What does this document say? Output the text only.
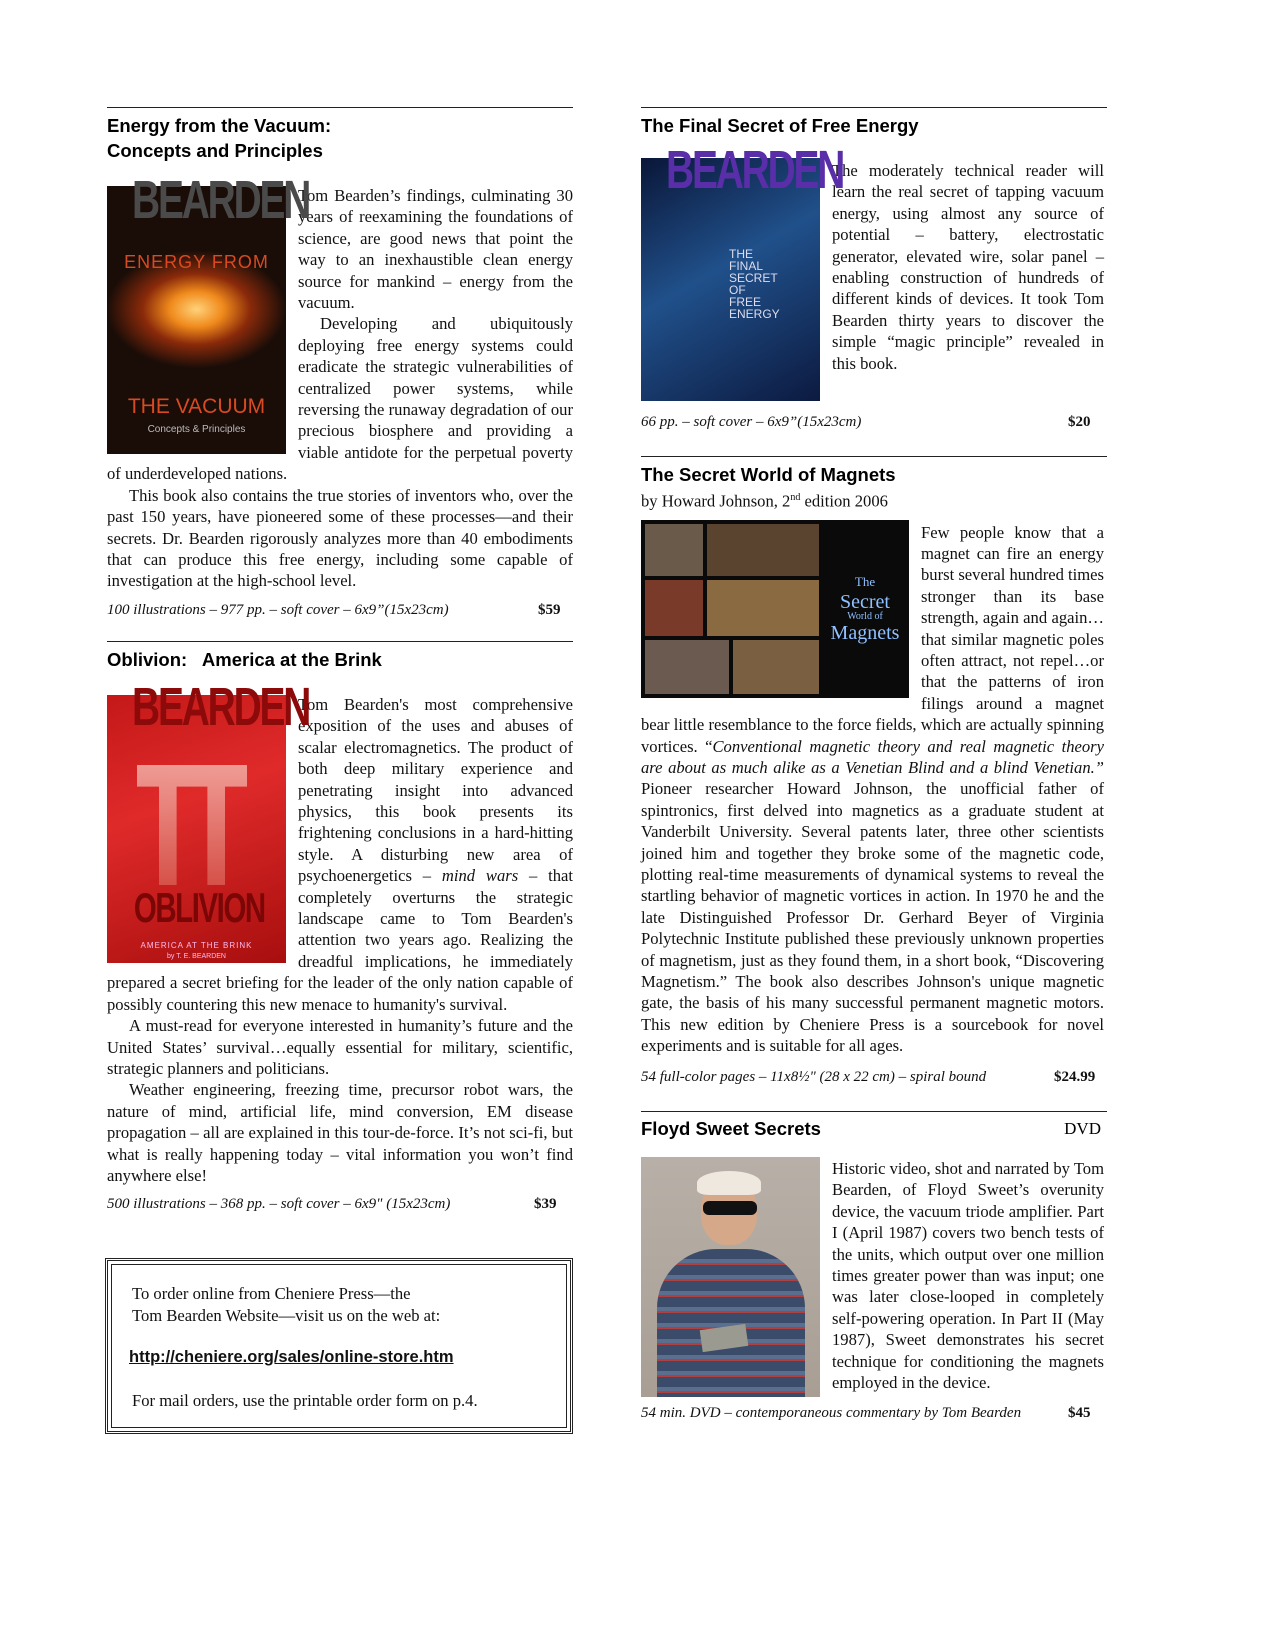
Energy from the Vacuum:
Concepts and Principles
BEARDEN
ENERGY FROM
THE VACUUM
Concepts & Principles

Tom Bearden’s findings, culminating 30 years of reexamining the foundations of science, are good news that point the way to an inexhaustible clean energy source for mankind – energy from the vacuum.

Developing and ubiquitously deploying free energy systems could eradicate the strategic vulnerabilities of centralized power systems, while reversing the runaway degradation of our precious biosphere and providing a viable antidote for the perpetual poverty of underdeveloped nations.

This book also contains the true stories of inventors who, over the past 150 years, have pioneered some of these processes—and their secrets. Dr. Bearden rigorously analyzes more than 40 embodiments that can produce this free energy, including some capable of investigation at the high-school level.

100 illustrations – 977 pp. – soft cover – 6x9”(15x23cm)	$59
Oblivion:   America at the Brink
BEARDEN
OBLIVION
AMERICA AT THE BRINK
by T. E. BEARDEN

Tom Bearden's most comprehensive exposition of the uses and abuses of scalar electromagnetics. The product of both deep military experience and penetrating insight into advanced physics, this book presents its frightening conclusions in a hard-hitting style. A disturbing new area of psychoenergetics – mind wars – that completely overturns the strategic landscape came to Tom Bearden's attention two years ago. Realizing the dreadful implications, he immediately prepared a secret briefing for the leader of the only nation capable of possibly countering this new menace to humanity's survival.

A must-read for everyone interested in humanity’s future and the United States’ survival…equally essential for military, scientific, strategic planners and politicians.

Weather engineering, freezing time, precursor robot wars, the nature of mind, artificial life, mind conversion, EM disease propagation – all are explained in this tour-de-force. It’s not sci-fi, but what is really happening today – vital information you won’t find anywhere else!

500 illustrations – 368 pp. – soft cover – 6x9" (15x23cm)	$39
To order online from Cheniere Press—the
Tom Bearden Website—visit us on the web at:
http://cheniere.org/sales/online-store.htm
For mail orders, use the printable order form on p.4.
The Final Secret of Free Energy
BEARDEN
THE
FINAL
SECRET
OF
FREE
ENERGY

The moderately technical reader will learn the real secret of tapping vacuum energy, using almost any source of potential – battery, electrostatic generator, elevated wire, solar panel – enabling construction of hundreds of different kinds of devices. It took Tom Bearden thirty years to discover the simple “magic principle” revealed in this book.

66 pp. – soft cover – 6x9”(15x23cm)	$20
The Secret World of Magnets
by Howard Johnson, 2nd edition 2006
The
Secret
World of
Magnets

Few people know that a magnet can fire an energy burst several hundred times stronger than its base strength, again and again…that similar magnetic poles often attract, not repel…or that the patterns of iron filings around a magnet bear little resemblance to the force fields, which are actually spinning vortices. “Conventional magnetic theory and real magnetic theory are about as much alike as a Venetian Blind and a blind Venetian.” Pioneer researcher Howard Johnson, the unofficial father of spintronics, first delved into magnetics as a graduate student at Vanderbilt University. Several patents later, three other scientists joined him and together they broke some of the magnetic code, plotting real-time measurements of dynamical systems to reveal the startling behavior of magnetic vortices in action. In 1970 he and the late Distinguished Professor Dr. Gerhard Beyer of Virginia Polytechnic Institute published these previously unknown properties of magnetism, just as they found them, in a short book, “Discovering Magnetism.” The book also describes Johnson's unique magnetic gate, the basis of his many successful permanent magnetic motors. This new edition by Cheniere Press is a sourcebook for novel experiments and is suitable for all ages.

54 full-color pages – 11x8½" (28 x 22 cm) – spiral bound	$24.99
Floyd Sweet Secrets	DVD

Historic video, shot and narrated by Tom Bearden, of Floyd Sweet’s overunity device, the vacuum triode amplifier. Part I (April 1987) covers two bench tests of the units, which output over one million times greater power than was input; one was later close-looped in completely self-powering operation. In Part II (May 1987), Sweet demonstrates his secret technique for conditioning the magnets employed in the device.

54 min. DVD – contemporaneous commentary by Tom Bearden	$45
